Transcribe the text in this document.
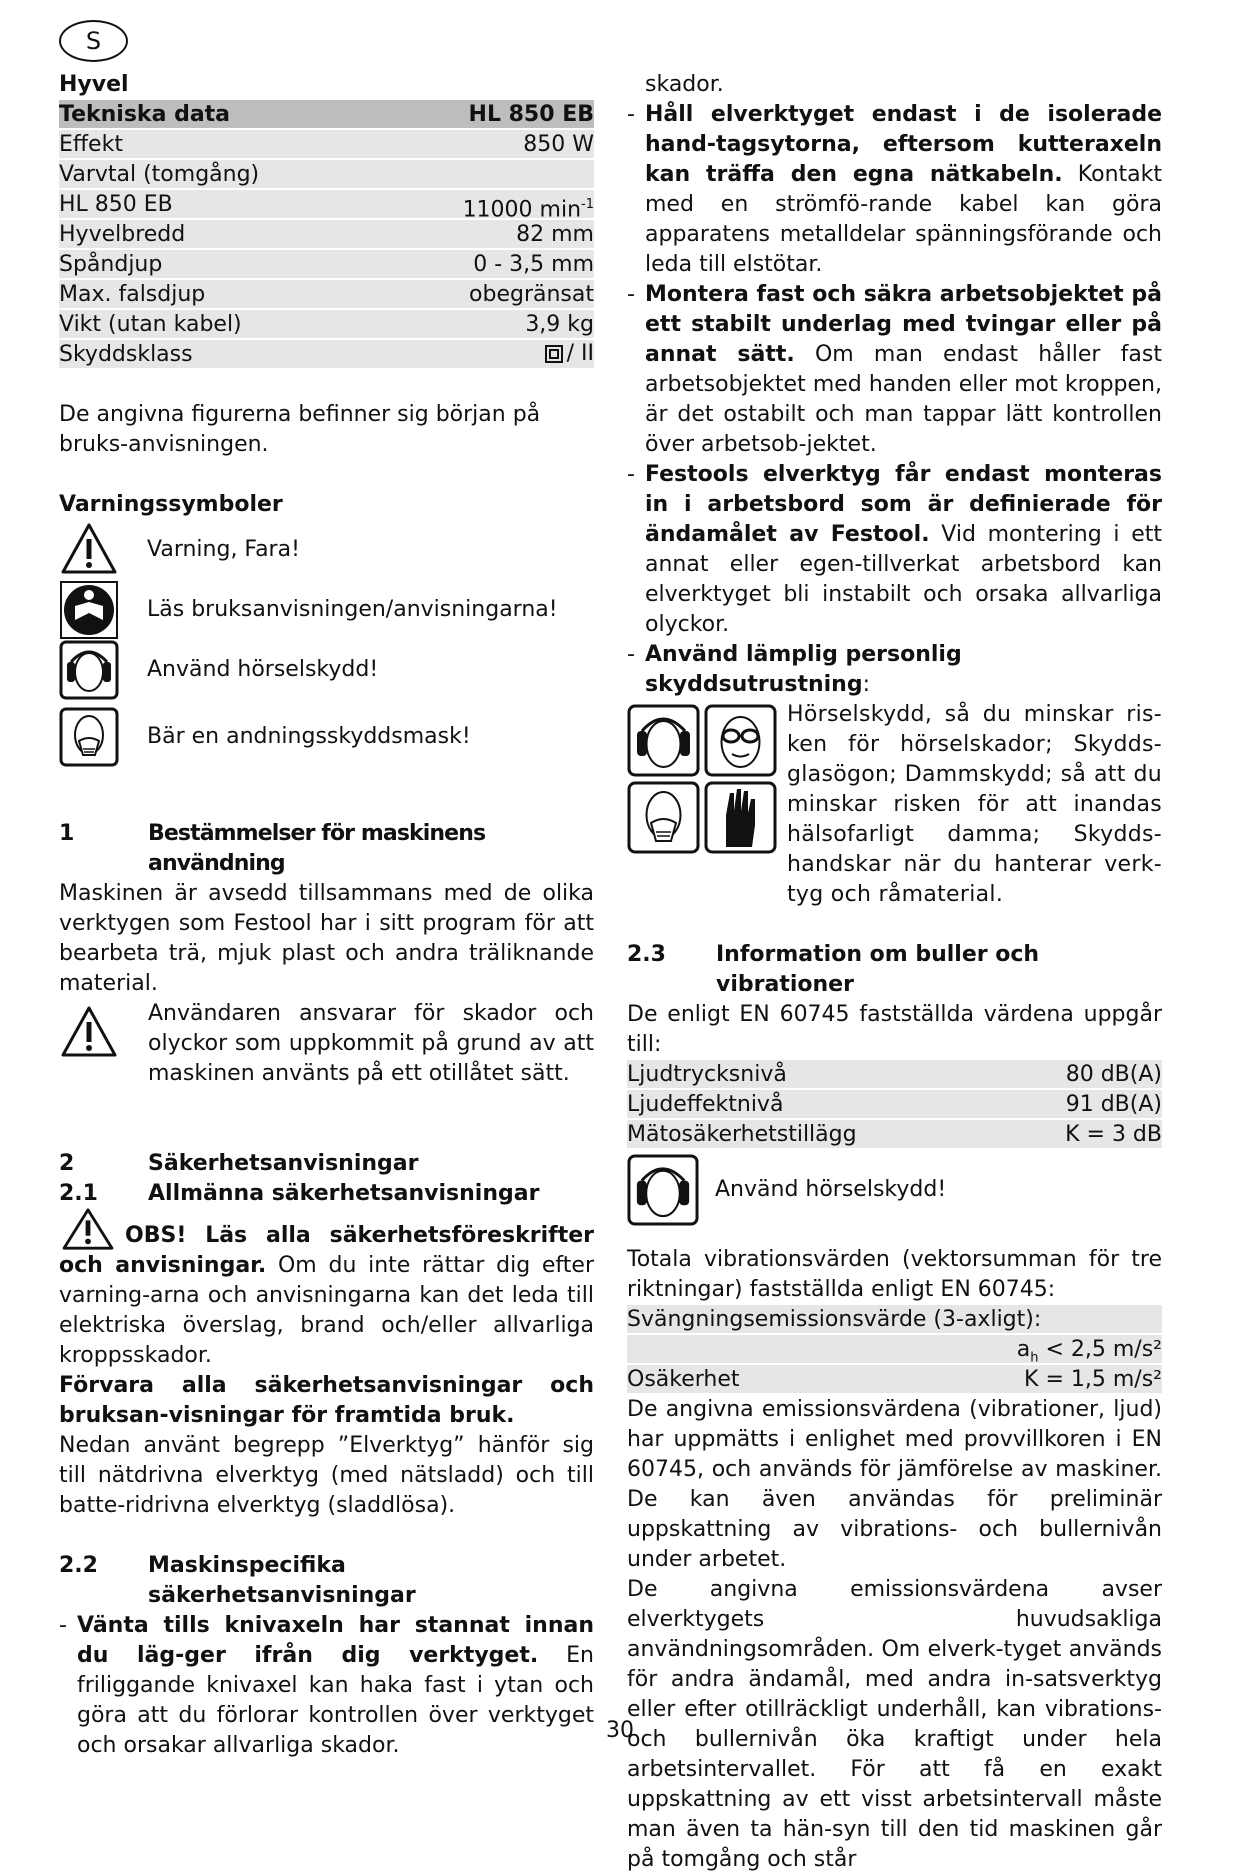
S

Hyvel

Tekniska data	HL 850 EB
Effekt	850 W
Varvtal (tomgång)
HL 850 EB	11000 $\min^{-1}$
Hyvelbredd	82 mm
Spåndjup	0 - 3,5 mm
Max. falsdjup	obegränsat
Vikt (utan kabel)	3,9 kg
Skyddsklass	/ II

De angivna figurerna befinner sig början på bruks-anvisningen.

Varningssymboler

Varning, Fara!
Läs bruksanvisningen/anvisningarna!
Använd hörselskydd!
Bär en andningsskyddsmask!
1	Bestämmelser för maskinens användning

Maskinen är avsedd tillsammans med de olika verktygen som Festool har i sitt program för att bearbeta trä, mjuk plast och andra träliknande material.

Användaren ansvarar för skador och olyckor som uppkommit på grund av att maskinen använts på ett otillåtet sätt.

2	Säkerhetsanvisningar
2.1	Allmänna säkerhetsanvisningar

OBS! Läs alla säkerhetsföreskrifter och anvisningar. Om du inte rättar dig efter varning-arna och anvisningarna kan det leda till elektriska överslag, brand och/eller allvarliga kroppsskador.

Förvara alla säkerhetsanvisningar och bruksan-visningar för framtida bruk.

Nedan använt begrepp ”Elverktyg” hänför sig till nätdrivna elverktyg (med nätsladd) och till batte-ridrivna elverktyg (sladdlösa).

2.2	Maskinspecifika säkerhetsanvisningar
- Vänta tills knivaxeln har stannat innan du läg-ger ifrån dig verktyget. En friliggande knivaxel kan haka fast i ytan och göra att du förlorar kontrollen över verktyget och orsakar allvarliga skador.

30

skador.

- Håll elverktyget endast i de isolerade hand-tagsytorna, eftersom kutteraxeln kan träffa den egna nätkabeln. Kontakt med en strömfö-rande kabel kan göra apparatens metalldelar spänningsförande och leda till elstötar.

- Montera fast och säkra arbetsobjektet på ett stabilt underlag med tvingar eller på annat sätt. Om man endast håller fast arbetsobjektet med handen eller mot kroppen, är det ostabilt och man tappar lätt kontrollen över arbetsob-jektet.

- Festools elverktyg får endast monteras in i arbetsbord som är definierade för ändamålet av Festool. Vid montering i ett annat eller egen-tillverkat arbetsbord kan elverktyget bli instabilt och orsaka allvarliga olyckor.

- Använd lämplig personlig skyddsutrustning:

Hörselskydd, så du minskar ris-ken för hörselskador; Skydds-glasögon; Dammskydd; så att du minskar risken för att inandas hälsofarligt damma; Skydds-handskar när du hanterar verk-tyg och råmaterial.

2.3	Information om buller och vibrationer

De enligt EN 60745 fastställda värdena uppgår till:

Ljudtrycksnivå	80 dB(A)
Ljudeffektnivå	91 dB(A)
Mätosäkerhetstillägg	K = 3 dB
Använd hörselskydd!

Totala vibrationsvärden (vektorsumman för tre riktningar) fastställda enligt EN 60745:

Svängningsemissionsvärde (3-axligt):
$a_h < 2,5$ m/s²
Osäkerhet	K = 1,5 m/s²

De angivna emissionsvärdena (vibrationer, ljud) har uppmätts i enlighet med provvillkoren i EN 60745, och används för jämförelse av maskiner. De kan även användas för preliminär uppskattning av vibrations- och bullernivån under arbetet.

De angivna emissionsvärdena avser elverktygets huvudsakliga användningsområden. Om elverk-tyget används för andra ändamål, med andra in-satsverktyg eller efter otillräckligt underhåll, kan vibrations- och bullernivån öka kraftigt under hela arbetsintervallet. För att få en exakt uppskattning av ett visst arbetsintervall måste man även ta hän-syn till den tid maskinen går på tomgång och står
